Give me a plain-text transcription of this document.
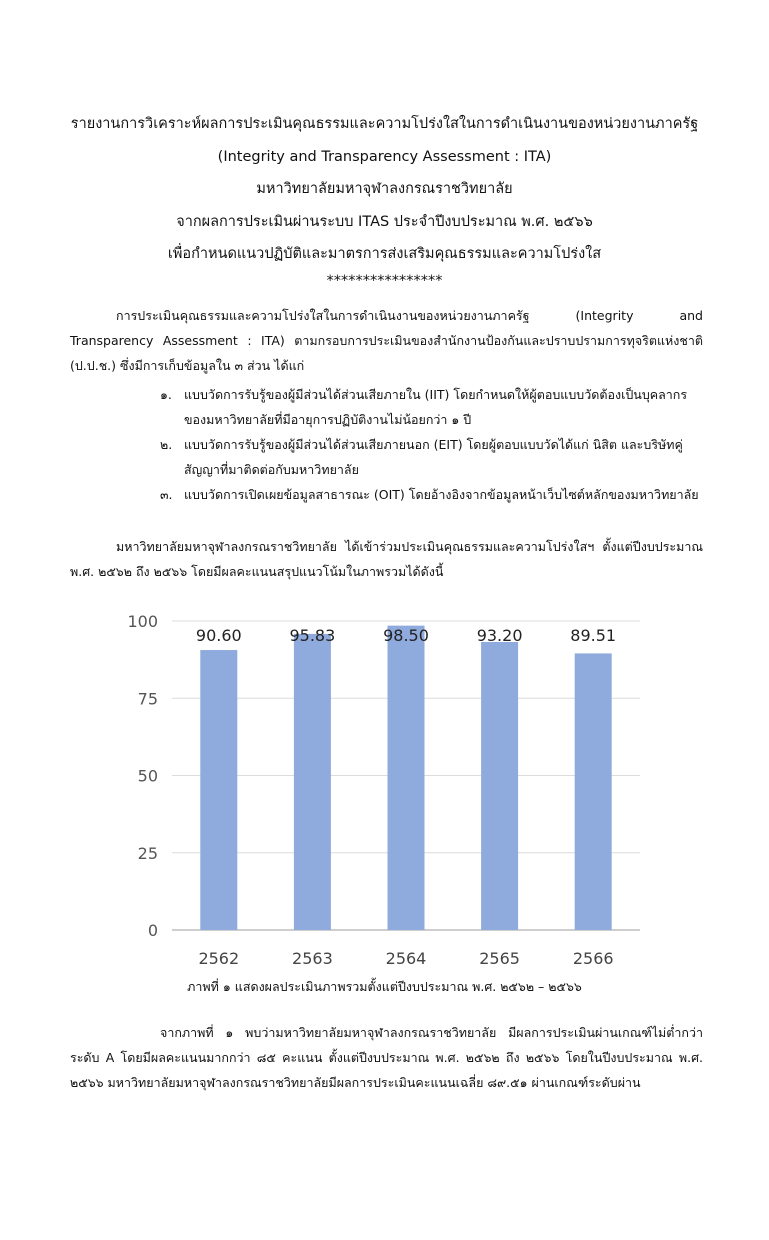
รายงานการวิเคราะห์ผลการประเมินคุณธรรมและความโปร่งใสในการดำเนินงานของหน่วยงานภาครัฐ
(Integrity and Transparency Assessment : ITA)
มหาวิทยาลัยมหาจุฬาลงกรณราชวิทยาลัย
จากผลการประเมินผ่านระบบ ITAS ประจำปีงบประมาณ พ.ศ. ๒๕๖๖
เพื่อกำหนดแนวปฏิบัติและมาตรการส่งเสริมคุณธรรมและความโปร่งใส
****************
การประเมินคุณธรรมและความโปร่งใสในการดำเนินงานของหน่วยงานภาครัฐ (Integrity and Transparency Assessment : ITA) ตามกรอบการประเมินของสำนักงานป้องกันและปราบปรามการทุจริตแห่งชาติ (ป.ป.ช.) ซึ่งมีการเก็บข้อมูลใน ๓ ส่วน ได้แก่
๑. แบบวัดการรับรู้ของผู้มีส่วนได้ส่วนเสียภายใน (IIT) โดยกำหนดให้ผู้ตอบแบบวัดต้องเป็นบุคลากรของมหาวิทยาลัยที่มีอายุการปฏิบัติงานไม่น้อยกว่า ๑ ปี
๒. แบบวัดการรับรู้ของผู้มีส่วนได้ส่วนเสียภายนอก (EIT) โดยผู้ตอบแบบวัดได้แก่ นิสิต และบริษัทคู่สัญญาที่มาติดต่อกับมหาวิทยาลัย
๓. แบบวัดการเปิดเผยข้อมูลสาธารณะ (OIT) โดยอ้างอิงจากข้อมูลหน้าเว็บไซต์หลักของมหาวิทยาลัย
มหาวิทยาลัยมหาจุฬาลงกรณราชวิทยาลัย ได้เข้าร่วมประเมินคุณธรรมและความโปร่งใสฯ ตั้งแต่ปีงบประมาณ พ.ศ. ๒๕๖๒ ถึง ๒๕๖๖ โดยมีผลคะแนนสรุปแนวโน้มในภาพรวมได้ดังนี้
0
25
50
75
100
90.60
2562
95.83
2563
98.50
2564
93.20
2565
89.51
2566
ภาพที่ ๑ แสดงผลประเมินภาพรวมตั้งแต่ปีงบประมาณ พ.ศ. ๒๕๖๒ – ๒๕๖๖
จากภาพที่ ๑ พบว่ามหาวิทยาลัยมหาจุฬาลงกรณราชวิทยาลัย มีผลการประเมินผ่านเกณฑ์ไม่ต่ำกว่าระดับ A โดยมีผลคะแนนมากกว่า ๘๕ คะแนน ตั้งแต่ปีงบประมาณ พ.ศ. ๒๕๖๒ ถึง ๒๕๖๖ โดยในปีงบประมาณ พ.ศ. ๒๕๖๖ มหาวิทยาลัยมหาจุฬาลงกรณราชวิทยาลัยมีผลการประเมินคะแนนเฉลี่ย ๘๙.๕๑ ผ่านเกณฑ์ระดับผ่าน
